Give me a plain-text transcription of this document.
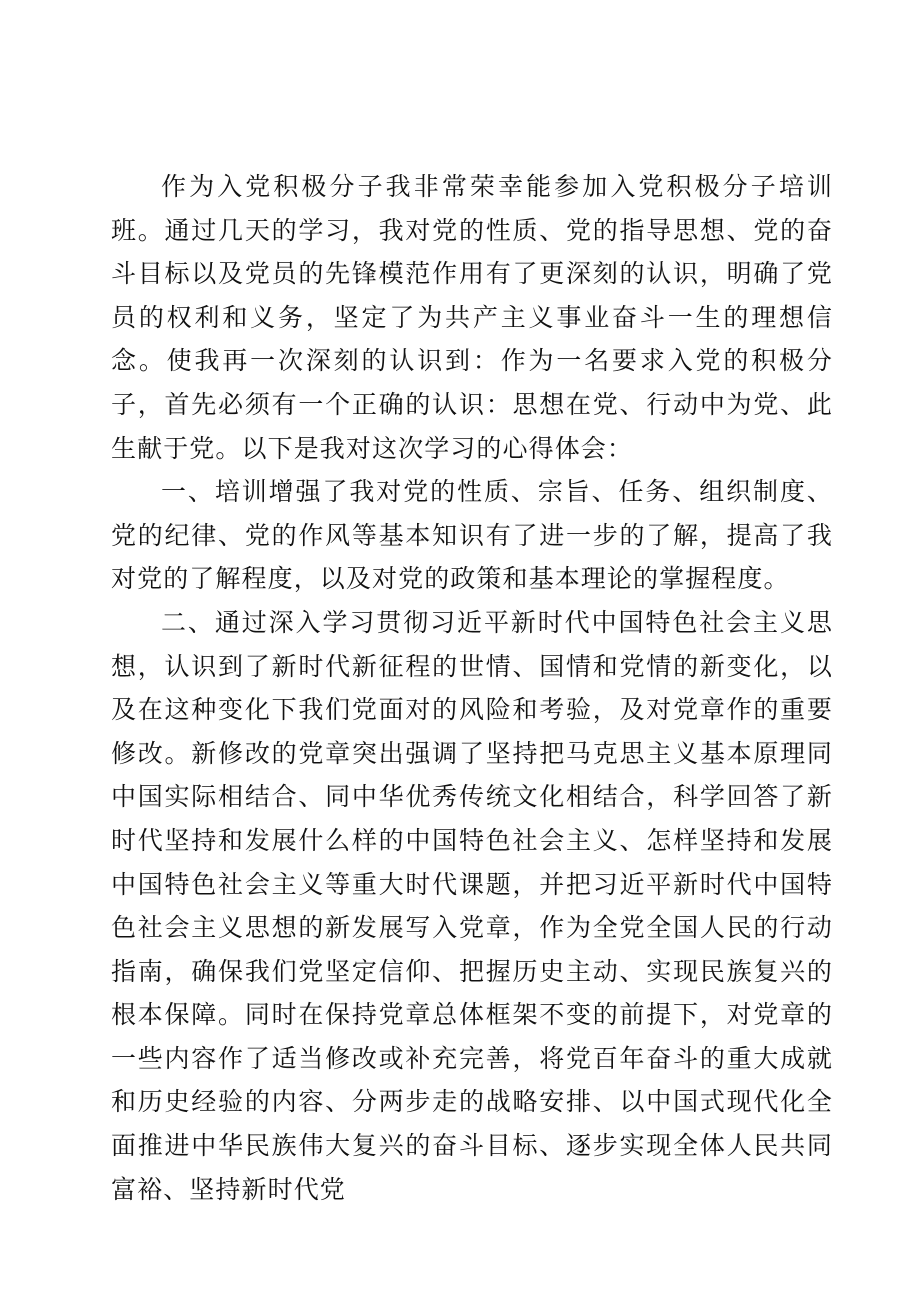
作为入党积极分子我非常荣幸能参加入党积极分子培训班。通过几天的学习，我对党的性质、党的指导思想、党的奋斗目标以及党员的先锋模范作用有了更深刻的认识，明确了党员的权利和义务，坚定了为共产主义事业奋斗一生的理想信念。使我再一次深刻的认识到：作为一名要求入党的积极分子，首先必须有一个正确的认识：思想在党、行动中为党、此生献于党。以下是我对这次学习的心得体会：

一、培训增强了我对党的性质、宗旨、任务、组织制度、党的纪律、党的作风等基本知识有了进一步的了解，提高了我对党的了解程度，以及对党的政策和基本理论的掌握程度。

二、通过深入学习贯彻习近平新时代中国特色社会主义思想，认识到了新时代新征程的世情、国情和党情的新变化，以及在这种变化下我们党面对的风险和考验，及对党章作的重要修改。新修改的党章突出强调了坚持把马克思主义基本原理同中国实际相结合、同中华优秀传统文化相结合，科学回答了新时代坚持和发展什么样的中国特色社会主义、怎样坚持和发展中国特色社会主义等重大时代课题，并把习近平新时代中国特色社会主义思想的新发展写入党章，作为全党全国人民的行动指南，确保我们党坚定信仰、把握历史主动、实现民族复兴的根本保障。同时在保持党章总体框架不变的前提下，对党章的一些内容作了适当修改或补充完善，将党百年奋斗的重大成就和历史经验的内容、分两步走的战略安排、以中国式现代化全面推进中华民族伟大复兴的奋斗目标、逐步实现全体人民共同富裕、坚持新时代党
